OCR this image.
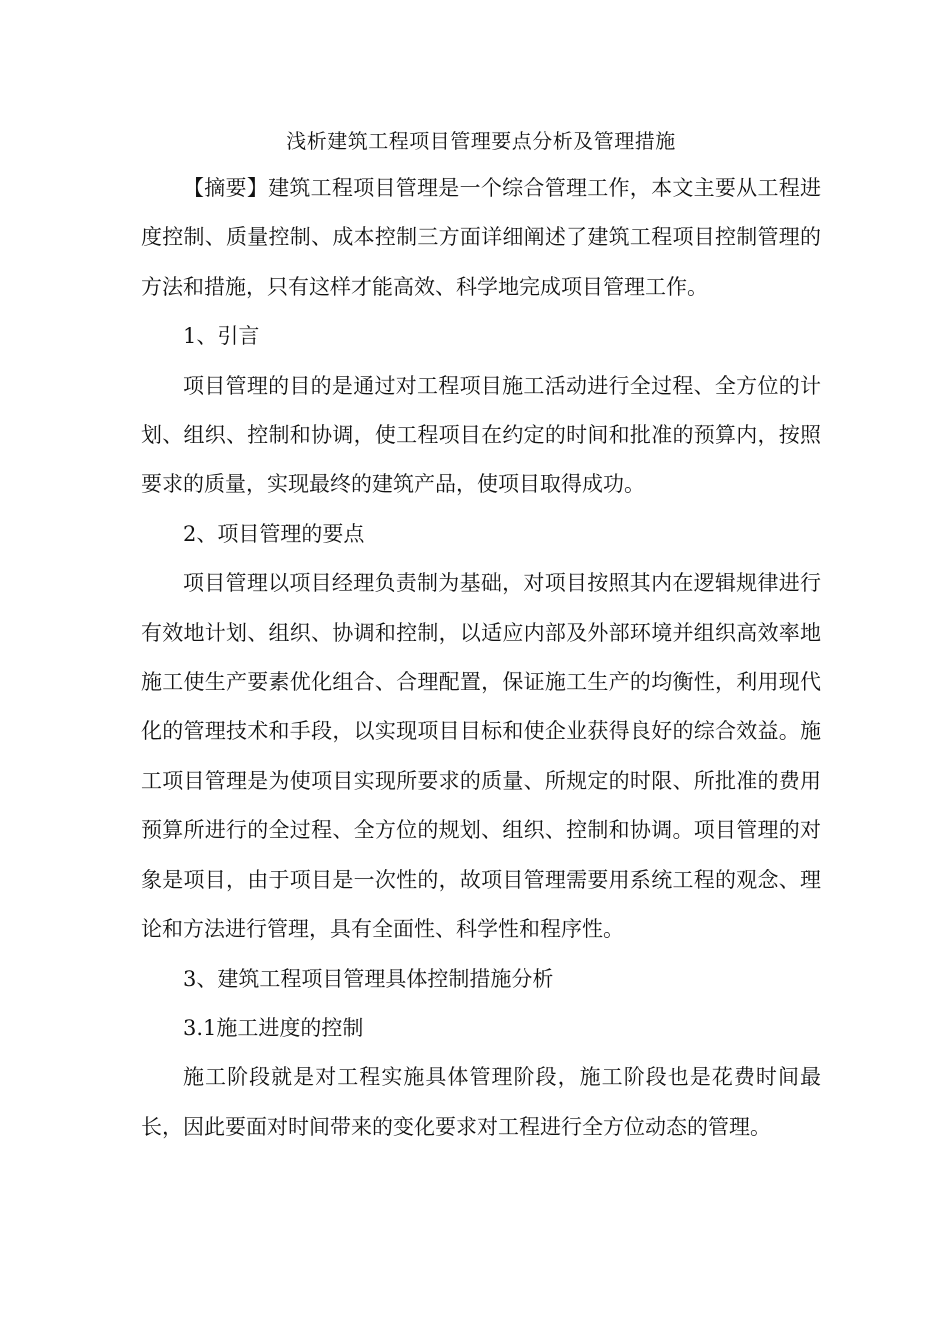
浅析建筑工程项目管理要点分析及管理措施

【摘要】建筑工程项目管理是一个综合管理工作，本文主要从工程进度控制、质量控制、成本控制三方面详细阐述了建筑工程项目控制管理的方法和措施，只有这样才能高效、科学地完成项目管理工作。

1、引言

项目管理的目的是通过对工程项目施工活动进行全过程、全方位的计划、组织、控制和协调，使工程项目在约定的时间和批准的预算内，按照要求的质量，实现最终的建筑产品，使项目取得成功。

2、项目管理的要点

项目管理以项目经理负责制为基础，对项目按照其内在逻辑规律进行有效地计划、组织、协调和控制，以适应内部及外部环境并组织高效率地施工使生产要素优化组合、合理配置，保证施工生产的均衡性，利用现代化的管理技术和手段，以实现项目目标和使企业获得良好的综合效益。施工项目管理是为使项目实现所要求的质量、所规定的时限、所批准的费用预算所进行的全过程、全方位的规划、组织、控制和协调。项目管理的对象是项目，由于项目是一次性的，故项目管理需要用系统工程的观念、理论和方法进行管理，具有全面性、科学性和程序性。

3、建筑工程项目管理具体控制措施分析

3.1施工进度的控制

施工阶段就是对工程实施具体管理阶段，施工阶段也是花费时间最长，因此要面对时间带来的变化要求对工程进行全方位动态的管理。
